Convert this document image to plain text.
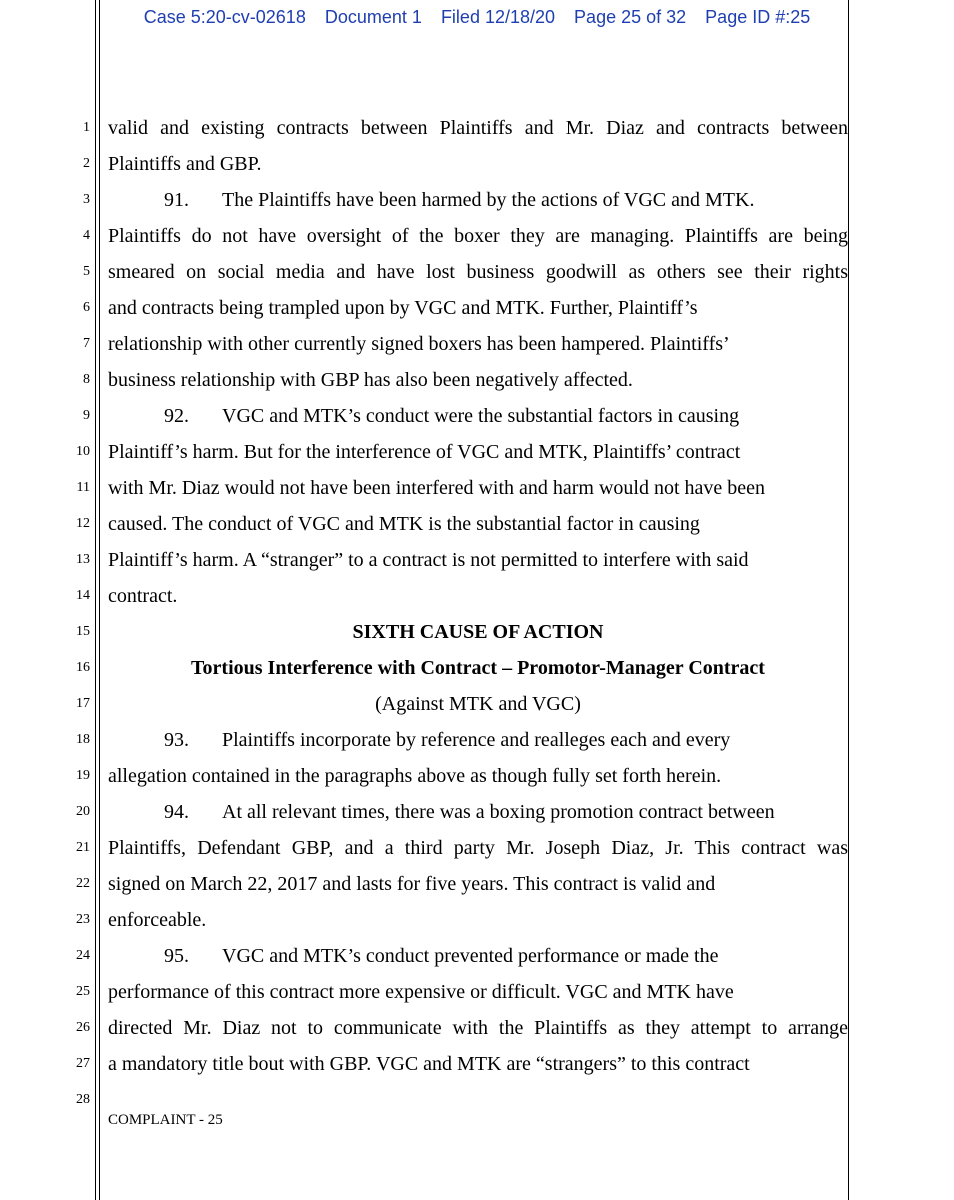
Case 5:20-cv-02618 Document 1 Filed 12/18/20 Page 25 of 32 Page ID #:25
1
2
3
4
5
6
7
8
9
10
11
12
13
14
15
16
17
18
19
20
21
22
23
24
25
26
27
28
valid and existing contracts between Plaintiffs and Mr. Diaz and contracts between
Plaintiffs and GBP.
91. The Plaintiffs have been harmed by the actions of VGC and MTK.
Plaintiffs do not have oversight of the boxer they are managing. Plaintiffs are being
smeared on social media and have lost business goodwill as others see their rights
and contracts being trampled upon by VGC and MTK. Further, Plaintiff’s
relationship with other currently signed boxers has been hampered. Plaintiffs’
business relationship with GBP has also been negatively affected.
92. VGC and MTK’s conduct were the substantial factors in causing
Plaintiff’s harm. But for the interference of VGC and MTK, Plaintiffs’ contract
with Mr. Diaz would not have been interfered with and harm would not have been
caused. The conduct of VGC and MTK is the substantial factor in causing
Plaintiff’s harm. A “stranger” to a contract is not permitted to interfere with said
contract.
SIXTH CAUSE OF ACTION
Tortious Interference with Contract – Promotor-Manager Contract
(Against MTK and VGC)
93. Plaintiffs incorporate by reference and realleges each and every
allegation contained in the paragraphs above as though fully set forth herein.
94. At all relevant times, there was a boxing promotion contract between
Plaintiffs, Defendant GBP, and a third party Mr. Joseph Diaz, Jr. This contract was
signed on March 22, 2017 and lasts for five years. This contract is valid and
enforceable.
95. VGC and MTK’s conduct prevented performance or made the
performance of this contract more expensive or difficult. VGC and MTK have
directed Mr. Diaz not to communicate with the Plaintiffs as they attempt to arrange
a mandatory title bout with GBP. VGC and MTK are “strangers” to this contract
COMPLAINT - 25
